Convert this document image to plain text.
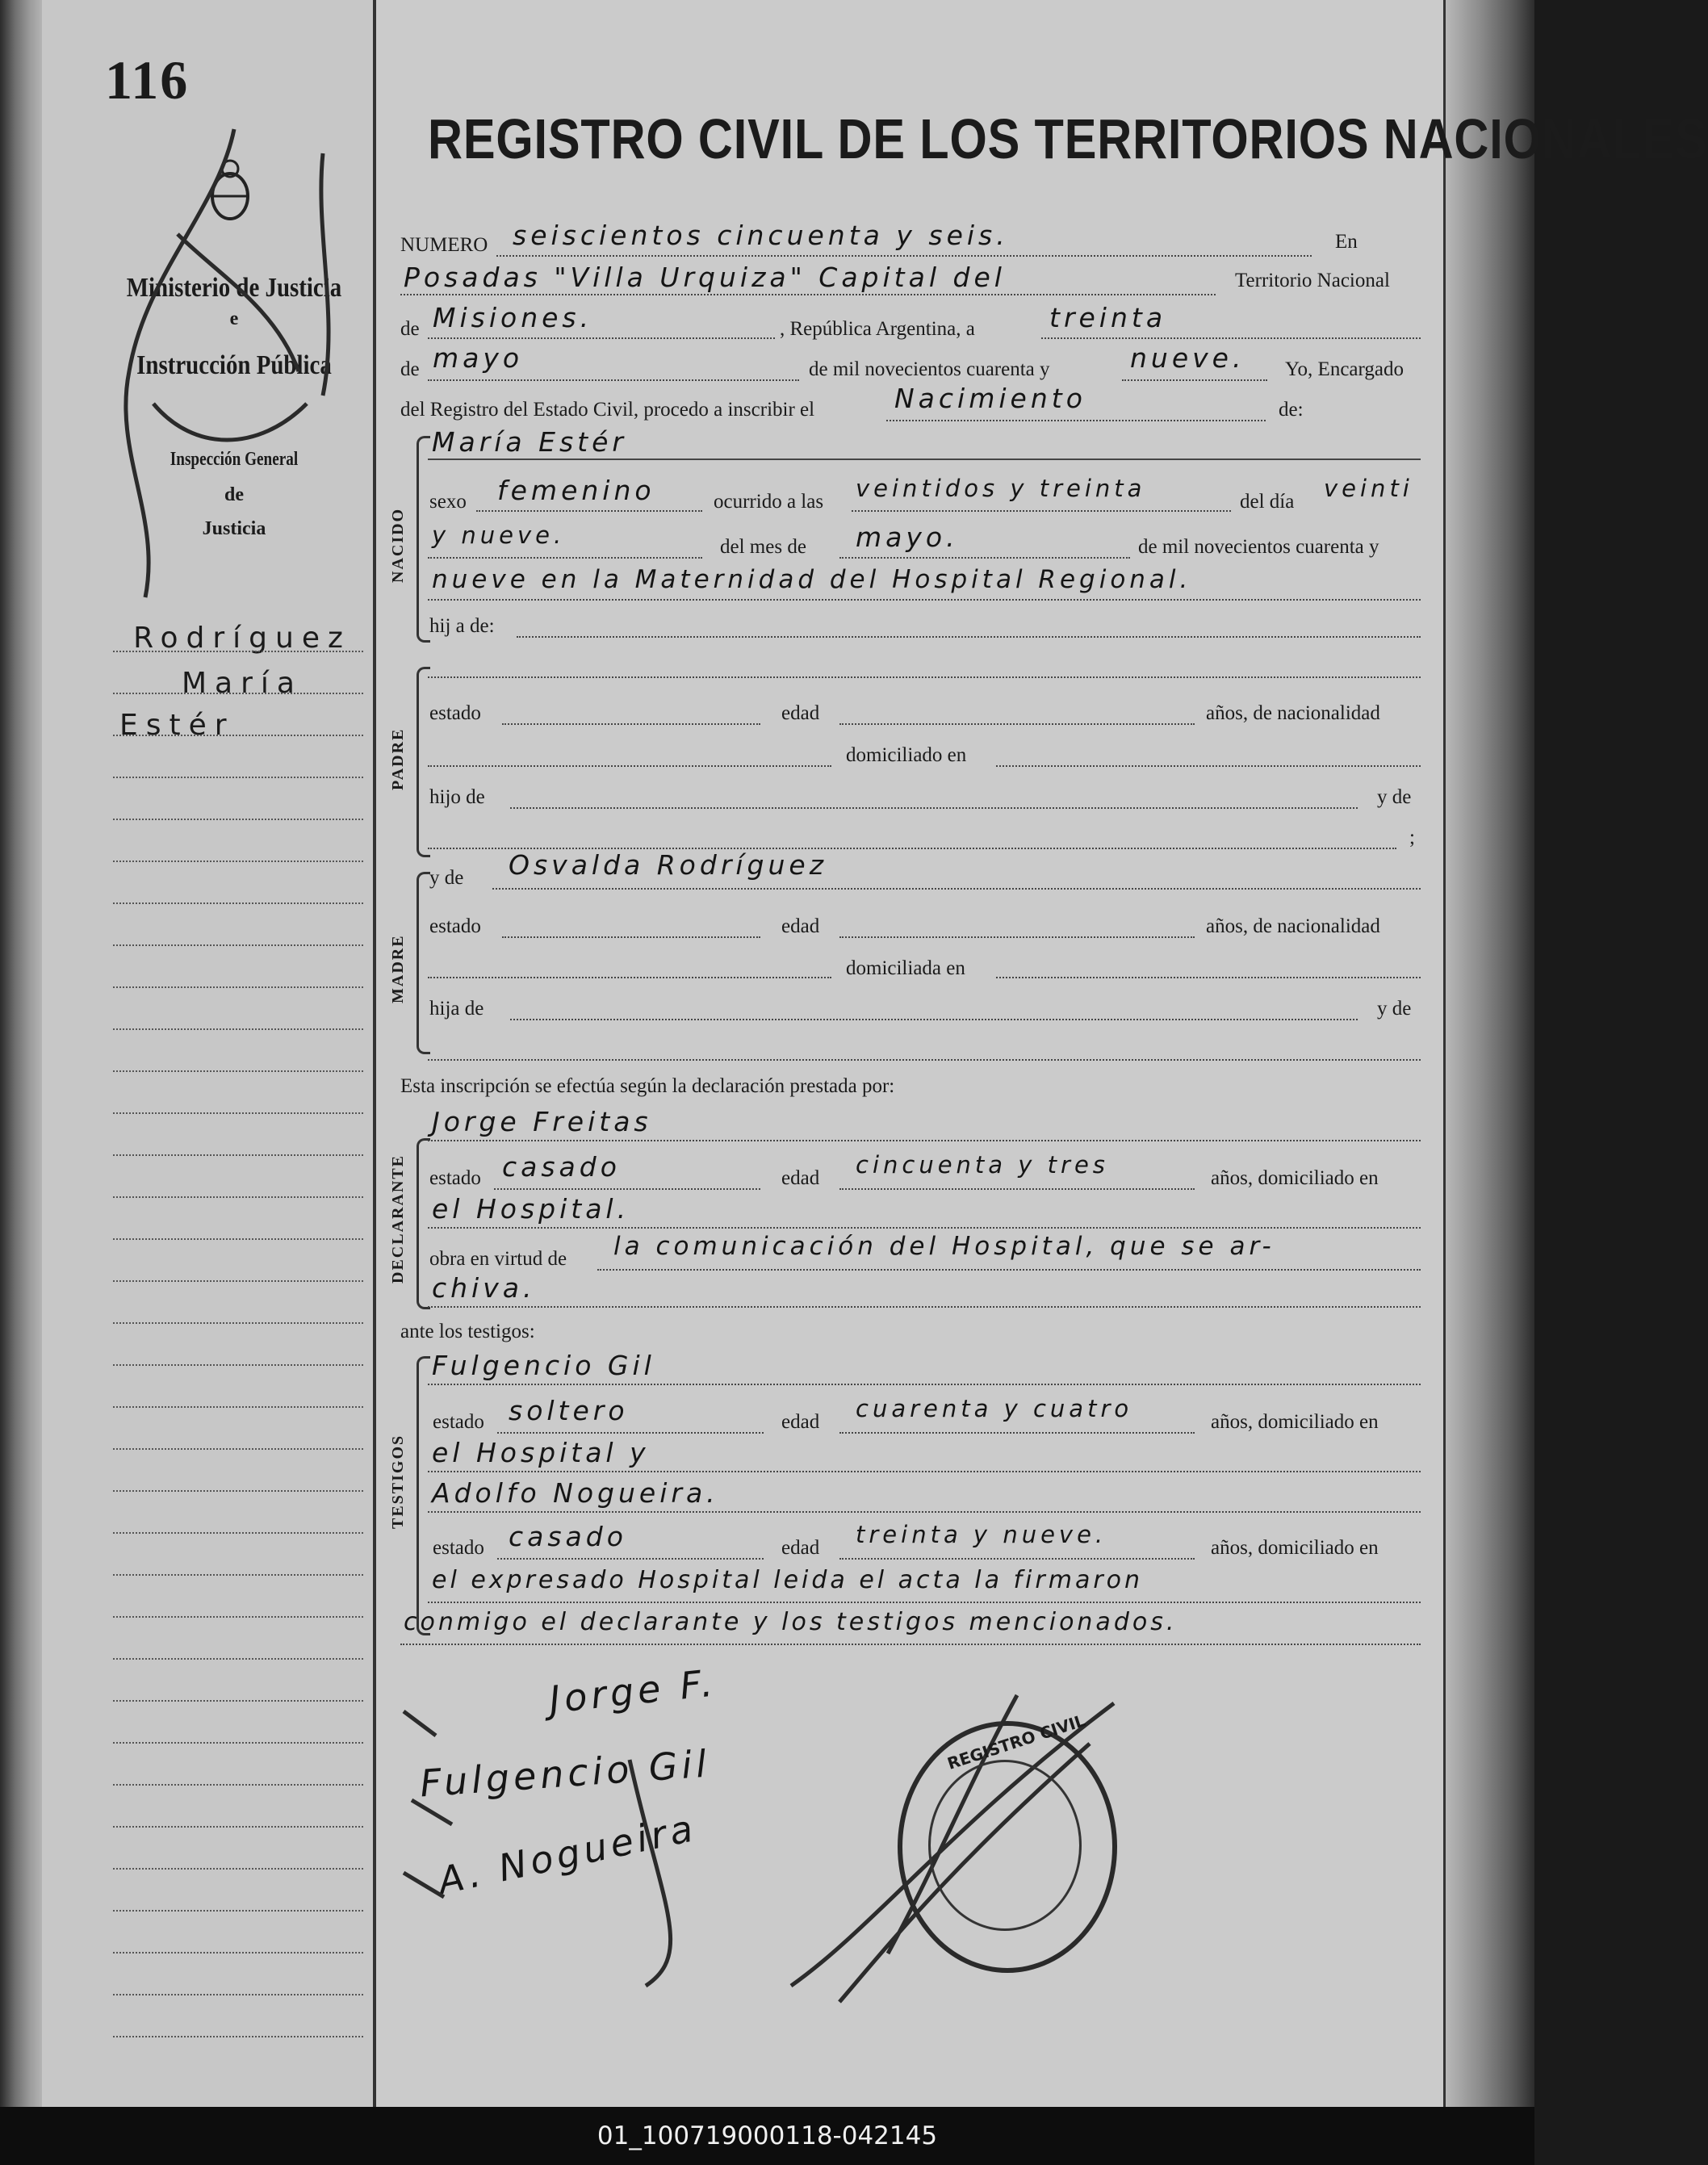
116
Ministerio de Justicia
e
Instrucción Pública
Inspección General
de
Justicia
Rodríguez
María
Estér
REGISTRO CIVIL DE LOS TERRITORIOS NACIONALES
NUMERO seiscientos cincuenta y seis.	En
Posadas "Villa Urquiza" Capital del	Territorio Nacional
de Misiones.	, República Argentina, a	treinta
de mayo	de mil novecientos cuarenta y	nueve. Yo, Encargado
del Registro del Estado Civil, procedo a inscribir el	Nacimiento	de:
NACIDO
María Estér
sexo femenino	ocurrido a las veintidos y treinta	del día veinti
y nueve.	del mes de mayo.	de mil novecientos cuarenta y
nueve en la Maternidad del Hospital Regional.
hij a de:
PADRE
estado	edad	años, de nacionalidad
domiciliado en
hijo de	y de
;
MADRE
y de Osvalda Rodríguez
estado	edad	años, de nacionalidad
domiciliada en
hija de	y de
Esta inscripción se efectúa según la declaración prestada por:
DECLARANTE
Jorge Freitas
estado casado	edad cincuenta y tres	años, domiciliado en
el Hospital.
obra en virtud de la comunicación del Hospital, que se ar-
chiva.
ante los testigos:
TESTIGOS
Fulgencio Gil
estado soltero	edad cuarenta y cuatro	años, domiciliado en
el Hospital y
Adolfo Nogueira.
estado casado	edad treinta y nueve.	años, domiciliado en
el expresado Hospital leida el acta la firmaron
conmigo el declarante y los testigos mencionados.
Jorge F.
Fulgencio Gil
A. Nogueira
REGISTRO CIVIL
01_100719000118-042145
